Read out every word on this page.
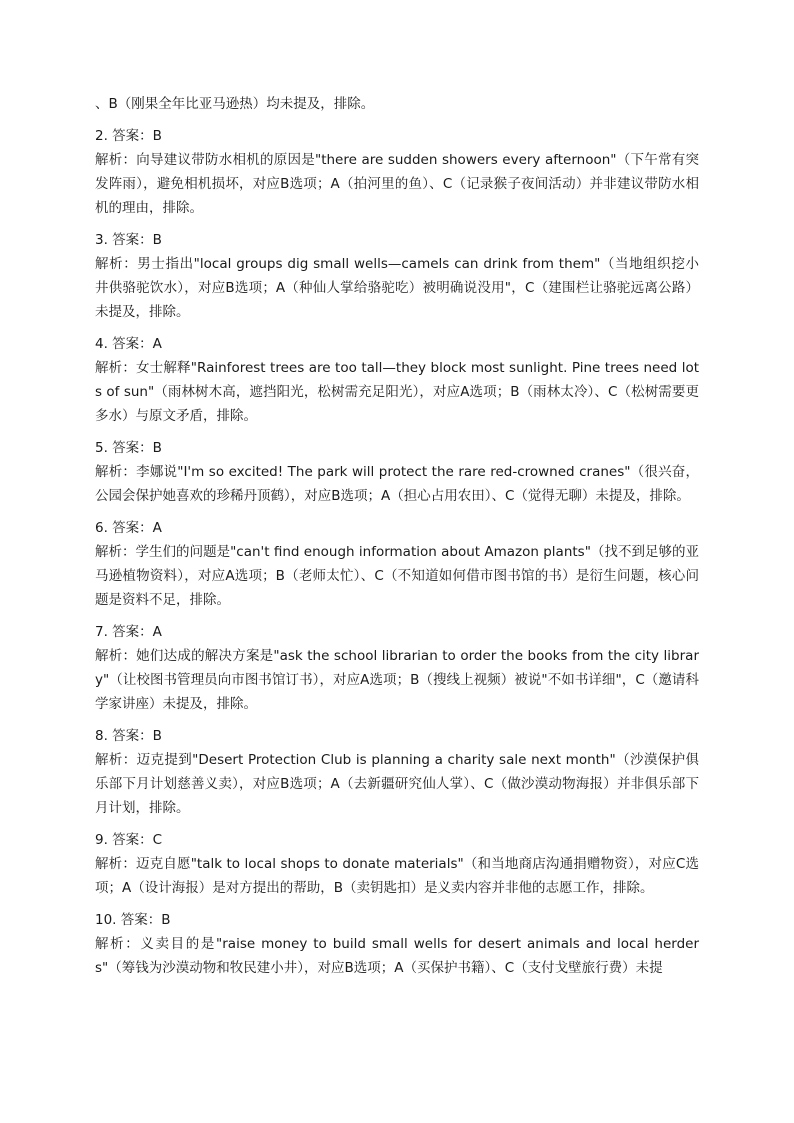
、B（刚果全年比亚马逊热）均未提及，排除。

2. 答案：B

解析：向导建议带防水相机的原因是"there are sudden showers every afternoon"（下午常有突发阵雨），避免相机损坏，对应B选项；A（拍河里的鱼）、C（记录猴子夜间活动）并非建议带防水相机的理由，排除。

3. 答案：B

解析：男士指出"local groups dig small wells—camels can drink from them"（当地组织挖小井供骆驼饮水），对应B选项；A（种仙人掌给骆驼吃）被明确说没用"，C（建围栏让骆驼远离公路）未提及，排除。

4. 答案：A

解析：女士解释"Rainforest trees are too tall—they block most sunlight. Pine trees need lots of sun"（雨林树木高，遮挡阳光，松树需充足阳光），对应A选项；B（雨林太冷）、C（松树需要更多水）与原文矛盾，排除。

5. 答案：B

解析：李娜说"I'm so excited! The park will protect the rare red-crowned cranes"（很兴奋，公园会保护她喜欢的珍稀丹顶鹤），对应B选项；A（担心占用农田）、C（觉得无聊）未提及，排除。

6. 答案：A

解析：学生们的问题是"can't find enough information about Amazon plants"（找不到足够的亚马逊植物资料），对应A选项；B（老师太忙）、C（不知道如何借市图书馆的书）是衍生问题，核心问题是资料不足，排除。

7. 答案：A

解析：她们达成的解决方案是"ask the school librarian to order the books from the city library"（让校图书管理员向市图书馆订书），对应A选项；B（搜线上视频）被说"不如书详细"，C（邀请科学家讲座）未提及，排除。

8. 答案：B

解析：迈克提到"Desert Protection Club is planning a charity sale next month"（沙漠保护俱乐部下月计划慈善义卖），对应B选项；A（去新疆研究仙人掌）、C（做沙漠动物海报）并非俱乐部下月计划，排除。

9. 答案：C

解析：迈克自愿"talk to local shops to donate materials"（和当地商店沟通捐赠物资），对应C选项；A（设计海报）是对方提出的帮助，B（卖钥匙扣）是义卖内容并非他的志愿工作，排除。

10. 答案：B

解析：义卖目的是"raise money to build small wells for desert animals and local herders"（筹钱为沙漠动物和牧民建小井），对应B选项；A（买保护书籍）、C（支付戈壁旅行费）未提
